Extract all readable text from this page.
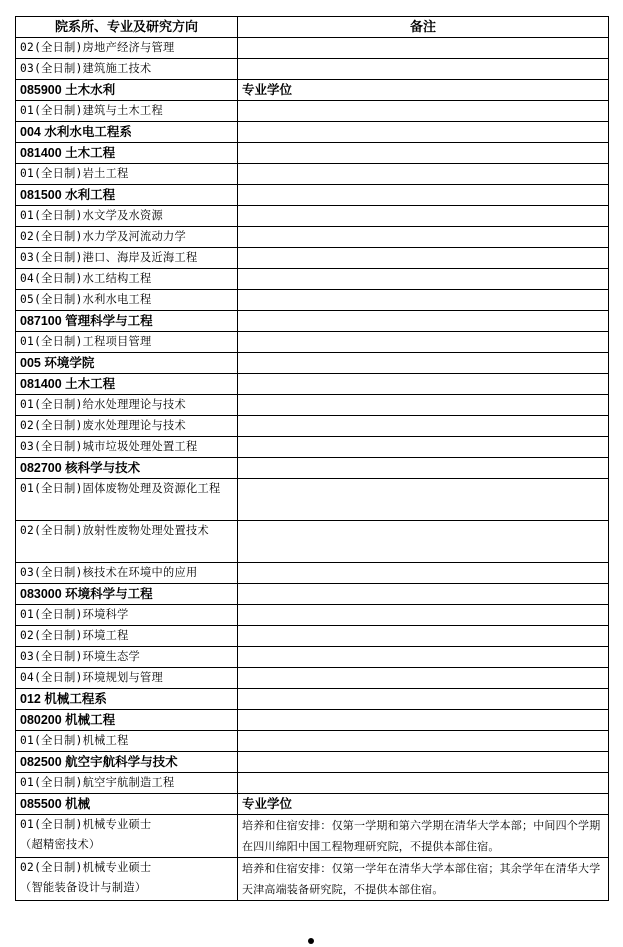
院系所、专业及研究方向	备注
02(全日制)房地产经济与管理	
03(全日制)建筑施工技术	
085900 土木水利	专业学位
01(全日制)建筑与土木工程	
004 水利水电工程系	
081400 土木工程	
01(全日制)岩土工程	
081500 水利工程	
01(全日制)水文学及水资源	
02(全日制)水力学及河流动力学	
03(全日制)港口、海岸及近海工程	
04(全日制)水工结构工程	
05(全日制)水利水电工程	
087100 管理科学与工程	
01(全日制)工程项目管理	
005 环境学院	
081400 土木工程	
01(全日制)给水处理理论与技术	
02(全日制)废水处理理论与技术	
03(全日制)城市垃圾处理处置工程	
082700 核科学与技术	
01(全日制)固体废物处理及资源化工程	
02(全日制)放射性废物处理处置技术	
03(全日制)核技术在环境中的应用	
083000 环境科学与工程	
01(全日制)环境科学	
02(全日制)环境工程	
03(全日制)环境生态学	
04(全日制)环境规划与管理	
012 机械工程系	
080200 机械工程	
01(全日制)机械工程	
082500 航空宇航科学与技术	
01(全日制)航空宇航制造工程	
085500 机械	专业学位
01(全日制)机械专业硕士
（超精密技术）	培养和住宿安排：仅第一学期和第六学期在清华大学本部；中间四个学期在四川绵阳中国工程物理研究院，不提供本部住宿。
02(全日制)机械专业硕士
（智能装备设计与制造）	培养和住宿安排：仅第一学年在清华大学本部住宿；其余学年在清华大学天津高端装备研究院，不提供本部住宿。
